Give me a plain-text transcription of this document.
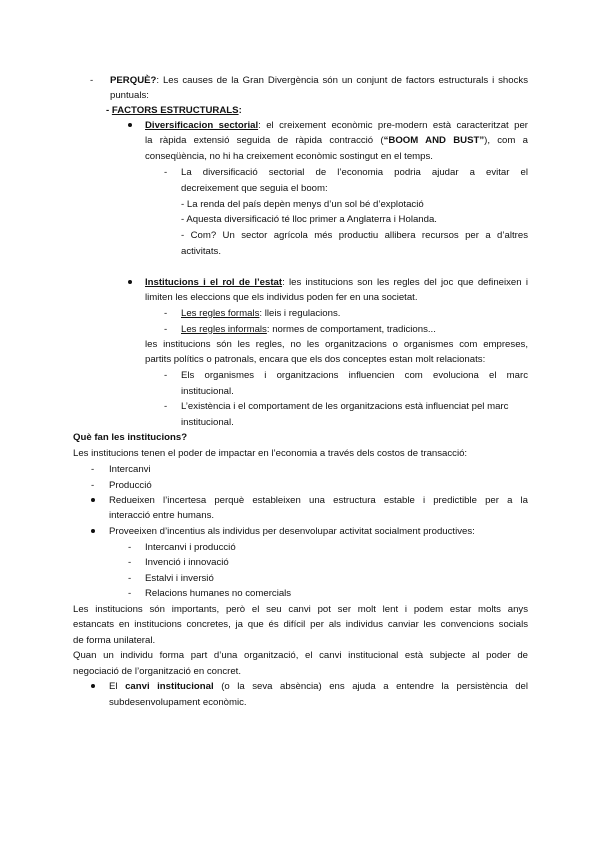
- PERQUÈ?: Les causes de la Gran Divergència són un conjunt de factors estructurals i shocks
puntuals:
- FACTORS ESTRUCTURALS:
Diversificacion sectorial: el creixement econòmic pre-modern està caracteritzat per
la ràpida extensió seguida de ràpida contracció (“BOOM AND BUST”), com a
conseqüència, no hi ha creixement econòmic sostingut en el temps.
- La diversificació sectorial de l’economia podria ajudar a evitar el
decreixement que seguia el boom:
- La renda del país depèn menys d’un sol bé d’explotació
- Aquesta diversificació té lloc primer a Anglaterra i Holanda.
- Com? Un sector agrícola més productiu allibera recursos per a d’altres
activitats.
Institucions i el rol de l’estat: les institucions son les regles del joc que defineixen i
limiten les eleccions que els individus poden fer en una societat.
- Les regles formals: lleis i regulacions.
- Les regles informals: normes de comportament, tradicions...
les institucions són les regles, no les organitzacions o organismes com empreses,
partits polítics o patronals, encara que els dos conceptes estan molt relacionats:
- Els organismes i organitzacions influencien com evoluciona el marc
institucional.
- L’existència i el comportament de les organitzacions està influenciat pel marc
institucional.
Què fan les institucions?
Les institucions tenen el poder de impactar en l’economia a través dels costos de transacció:
- Intercanvi
- Producció
Redueixen l’incertesa perquè estableixen una estructura estable i predictible per a la
interacció entre humans.
Proveeixen d’incentius als individus per desenvolupar activitat socialment productives:
- Intercanvi i producció
- Invenció i innovació
- Estalvi i inversió
- Relacions humanes no comercials
Les institucions són importants, però el seu canvi pot ser molt lent i podem estar molts anys
estancats en institucions concretes, ja que és difícil per als individus canviar les convencions socials
de forma unilateral.
Quan un individu forma part d’una organització, el canvi institucional està subjecte al poder de
negociació de l’organització en concret.
El canvi institucional (o la seva absència) ens ajuda a entendre la persistència del
subdesenvolupament econòmic.
